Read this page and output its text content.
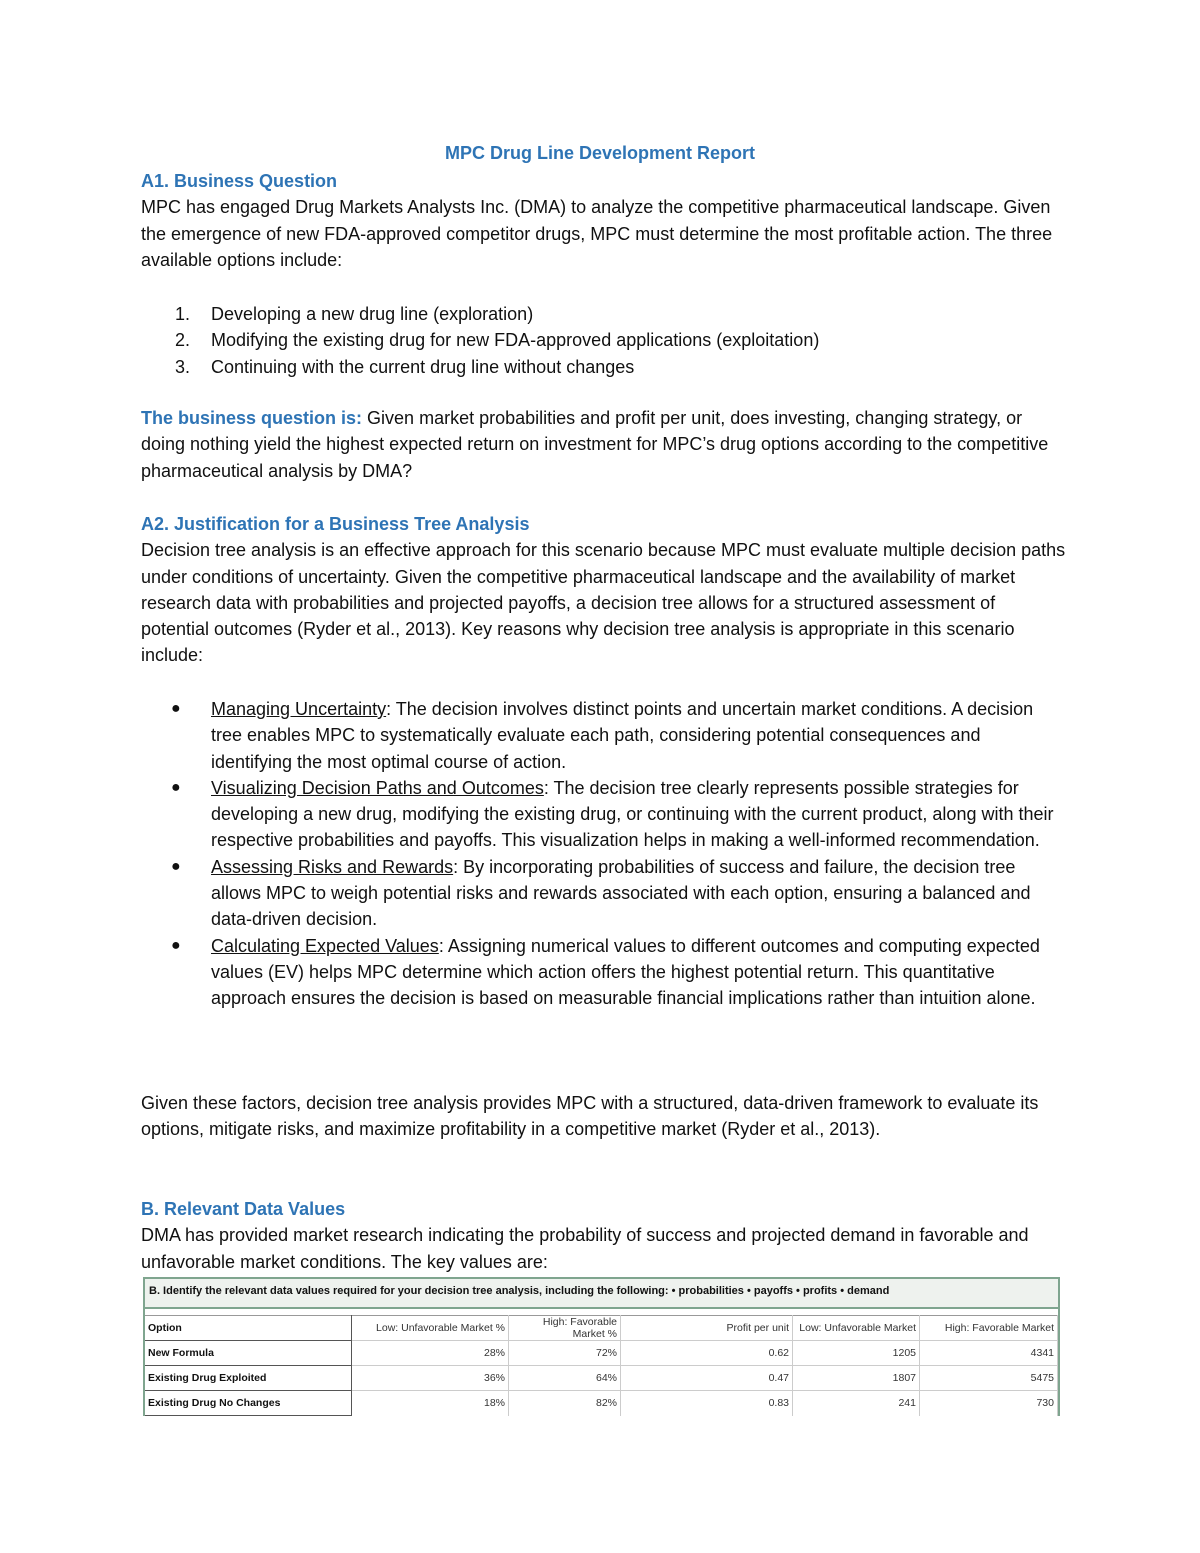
MPC Drug Line Development Report

A1. Business Question

MPC has engaged Drug Markets Analysts Inc. (DMA) to analyze the competitive pharmaceutical landscape. Given the emergence of new FDA-approved competitor drugs, MPC must determine the most profitable action. The three available options include:

1. Developing a new drug line (exploration)
2. Modifying the existing drug for new FDA-approved applications (exploitation)
3. Continuing with the current drug line without changes

The business question is: Given market probabilities and profit per unit, does investing, changing strategy, or doing nothing yield the highest expected return on investment for MPC’s drug options according to the competitive pharmaceutical analysis by DMA?

A2. Justification for a Business Tree Analysis

Decision tree analysis is an effective approach for this scenario because MPC must evaluate multiple decision paths under conditions of uncertainty. Given the competitive pharmaceutical landscape and the availability of market research data with probabilities and projected payoffs, a decision tree allows for a structured assessment of potential outcomes (Ryder et al., 2013). Key reasons why decision tree analysis is appropriate in this scenario include:

● Managing Uncertainty: The decision involves distinct points and uncertain market conditions. A decision tree enables MPC to systematically evaluate each path, considering potential consequences and identifying the most optimal course of action.
● Visualizing Decision Paths and Outcomes: The decision tree clearly represents possible strategies for developing a new drug, modifying the existing drug, or continuing with the current product, along with their respective probabilities and payoffs. This visualization helps in making a well-informed recommendation.
● Assessing Risks and Rewards: By incorporating probabilities of success and failure, the decision tree allows MPC to weigh potential risks and rewards associated with each option, ensuring a balanced and data-driven decision.
● Calculating Expected Values: Assigning numerical values to different outcomes and computing expected values (EV) helps MPC determine which action offers the highest potential return. This quantitative approach ensures the decision is based on measurable financial implications rather than intuition alone.

Given these factors, decision tree analysis provides MPC with a structured, data-driven framework to evaluate its options, mitigate risks, and maximize profitability in a competitive market (Ryder et al., 2013).

B. Relevant Data Values

DMA has provided market research indicating the probability of success and projected demand in favorable and unfavorable market conditions. The key values are:

B. Identify the relevant data values required for your decision tree analysis, including the following: • probabilities • payoffs • profits • demand
Option	Low: Unfavorable Market %	High: Favorable Market %	Profit per unit	Low: Unfavorable Market	High: Favorable Market
New Formula	28%	72%	0.62	1205	4341
Existing Drug Exploited	36%	64%	0.47	1807	5475
Existing Drug No Changes	18%	82%	0.83	241	730
